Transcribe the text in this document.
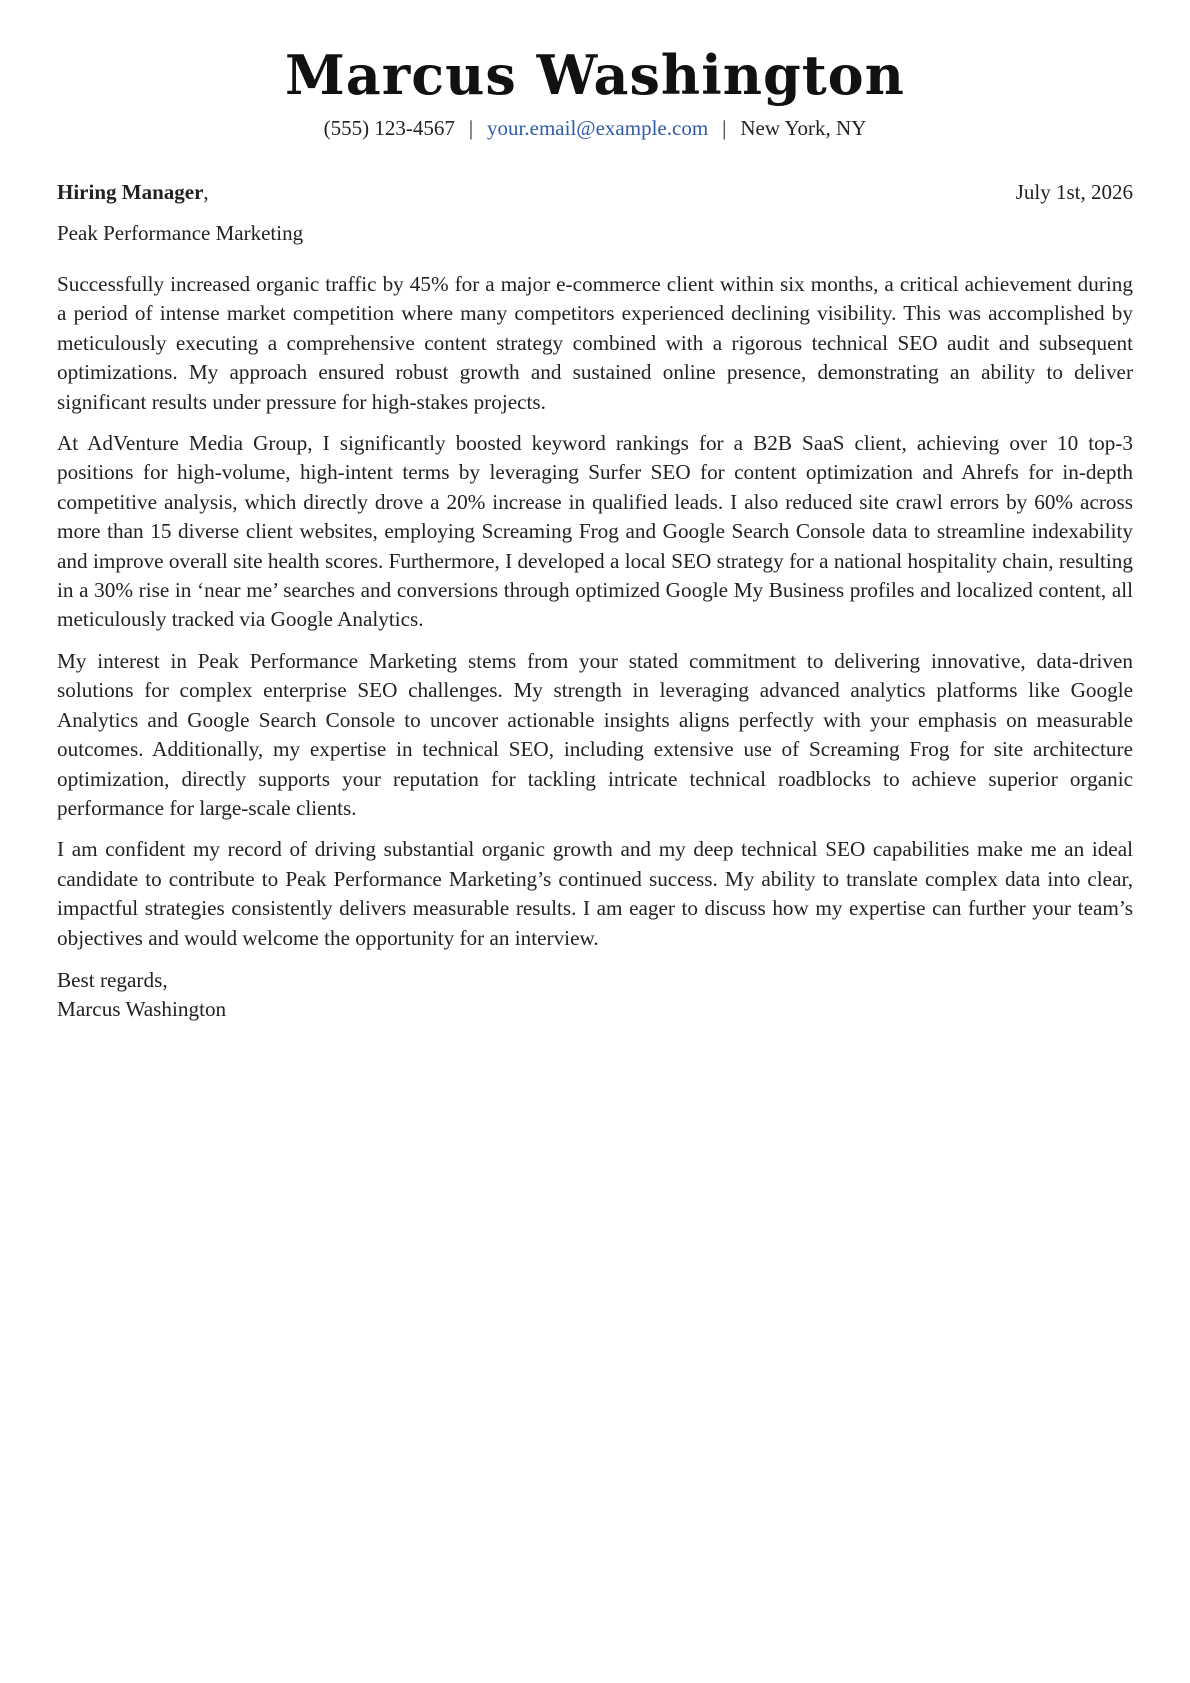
Marcus Washington
(555) 123-4567 | your.email@example.com | New York, NY
Hiring Manager,	July 1st, 2026
Peak Performance Marketing

Successfully increased organic traffic by 45% for a major e-commerce client within six months, a critical achievement during a period of intense market competition where many competitors experienced declining visibility. This was accomplished by meticulously executing a comprehensive content strategy combined with a rigorous technical SEO audit and subsequent optimizations. My approach ensured robust growth and sustained online presence, demonstrating an ability to deliver significant results under pressure for high-stakes projects.

At AdVenture Media Group, I significantly boosted keyword rankings for a B2B SaaS client, achieving over 10 top-3 positions for high-volume, high-intent terms by leveraging Surfer SEO for content optimization and Ahrefs for in-depth competitive analysis, which directly drove a 20% increase in qualified leads. I also reduced site crawl errors by 60% across more than 15 diverse client websites, employing Screaming Frog and Google Search Console data to streamline indexability and improve overall site health scores. Furthermore, I developed a local SEO strategy for a national hospitality chain, resulting in a 30% rise in ‘near me’ searches and conversions through optimized Google My Business profiles and localized content, all meticulously tracked via Google Analytics.

My interest in Peak Performance Marketing stems from your stated commitment to delivering innovative, data-driven solutions for complex enterprise SEO challenges. My strength in leveraging advanced analytics platforms like Google Analytics and Google Search Console to uncover actionable insights aligns perfectly with your emphasis on measurable outcomes. Additionally, my expertise in technical SEO, including extensive use of Screaming Frog for site architecture optimization, directly supports your reputation for tackling intricate technical roadblocks to achieve superior organic performance for large-scale clients.

I am confident my record of driving substantial organic growth and my deep technical SEO capabilities make me an ideal candidate to contribute to Peak Performance Marketing’s continued success. My ability to translate complex data into clear, impactful strategies consistently delivers measurable results. I am eager to discuss how my expertise can further your team’s objectives and would welcome the opportunity for an interview.

Best regards,
Marcus Washington
